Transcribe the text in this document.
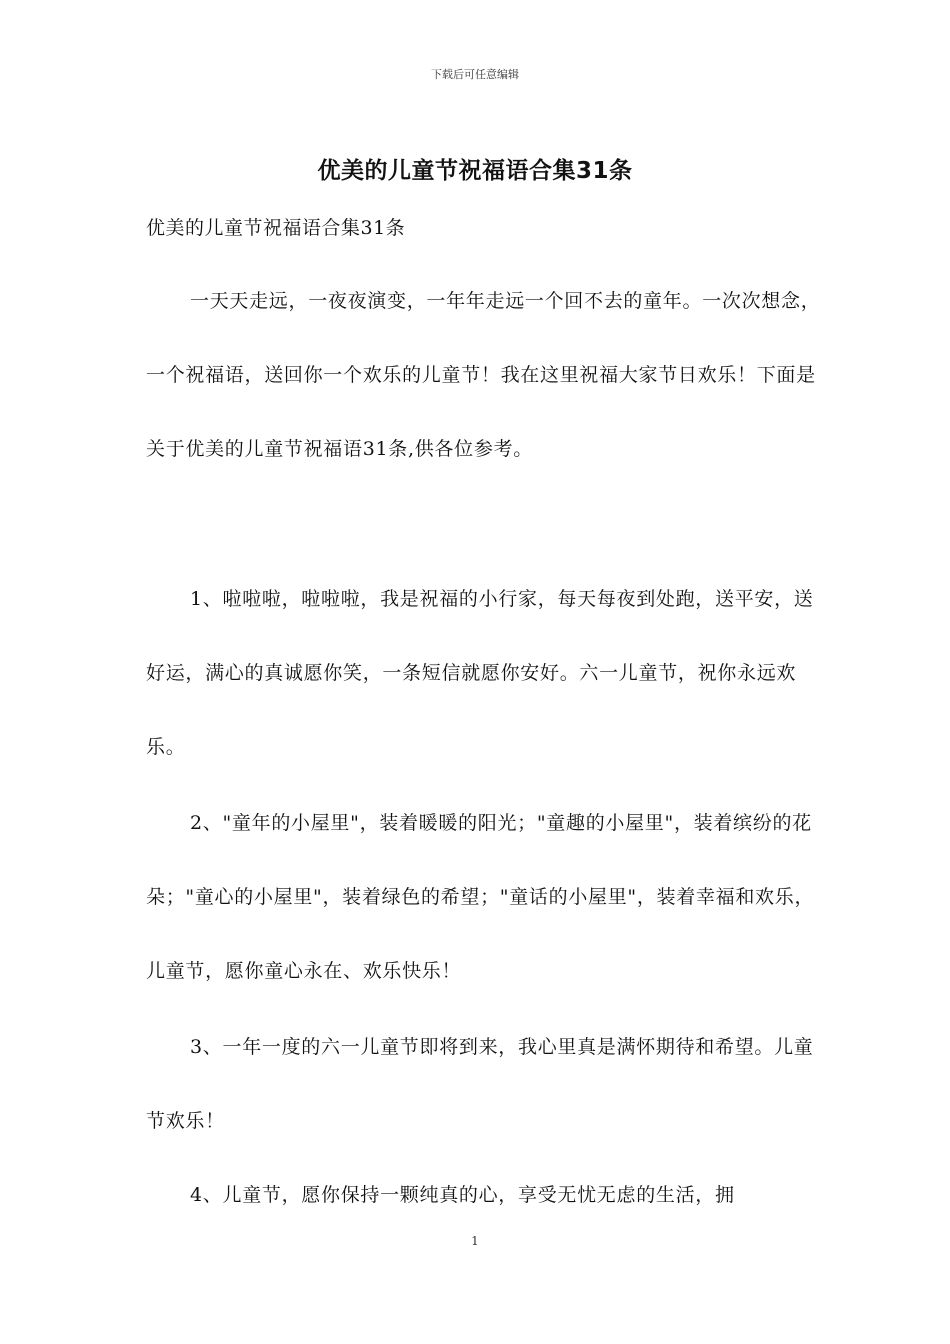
下载后可任意编辑
优美的儿童节祝福语合集31条
优美的儿童节祝福语合集31条

一天天走远，一夜夜演变，一年年走远一个回不去的童年。一次次想念，一个祝福语，送回你一个欢乐的儿童节！我在这里祝福大家节日欢乐！下面是关于优美的儿童节祝福语31条,供各位参考。

1、啦啦啦，啦啦啦，我是祝福的小行家，每天每夜到处跑，送平安，送好运，满心的真诚愿你笑，一条短信就愿你安好。六一儿童节，祝你永远欢乐。

2、"童年的小屋里"，装着暖暖的阳光；"童趣的小屋里"，装着缤纷的花朵；"童心的小屋里"，装着绿色的希望；"童话的小屋里"，装着幸福和欢乐，儿童节，愿你童心永在、欢乐快乐！

3、一年一度的六一儿童节即将到来，我心里真是满怀期待和希望。儿童节欢乐！

4、儿童节，愿你保持一颗纯真的心，享受无忧无虑的生活，拥

1
